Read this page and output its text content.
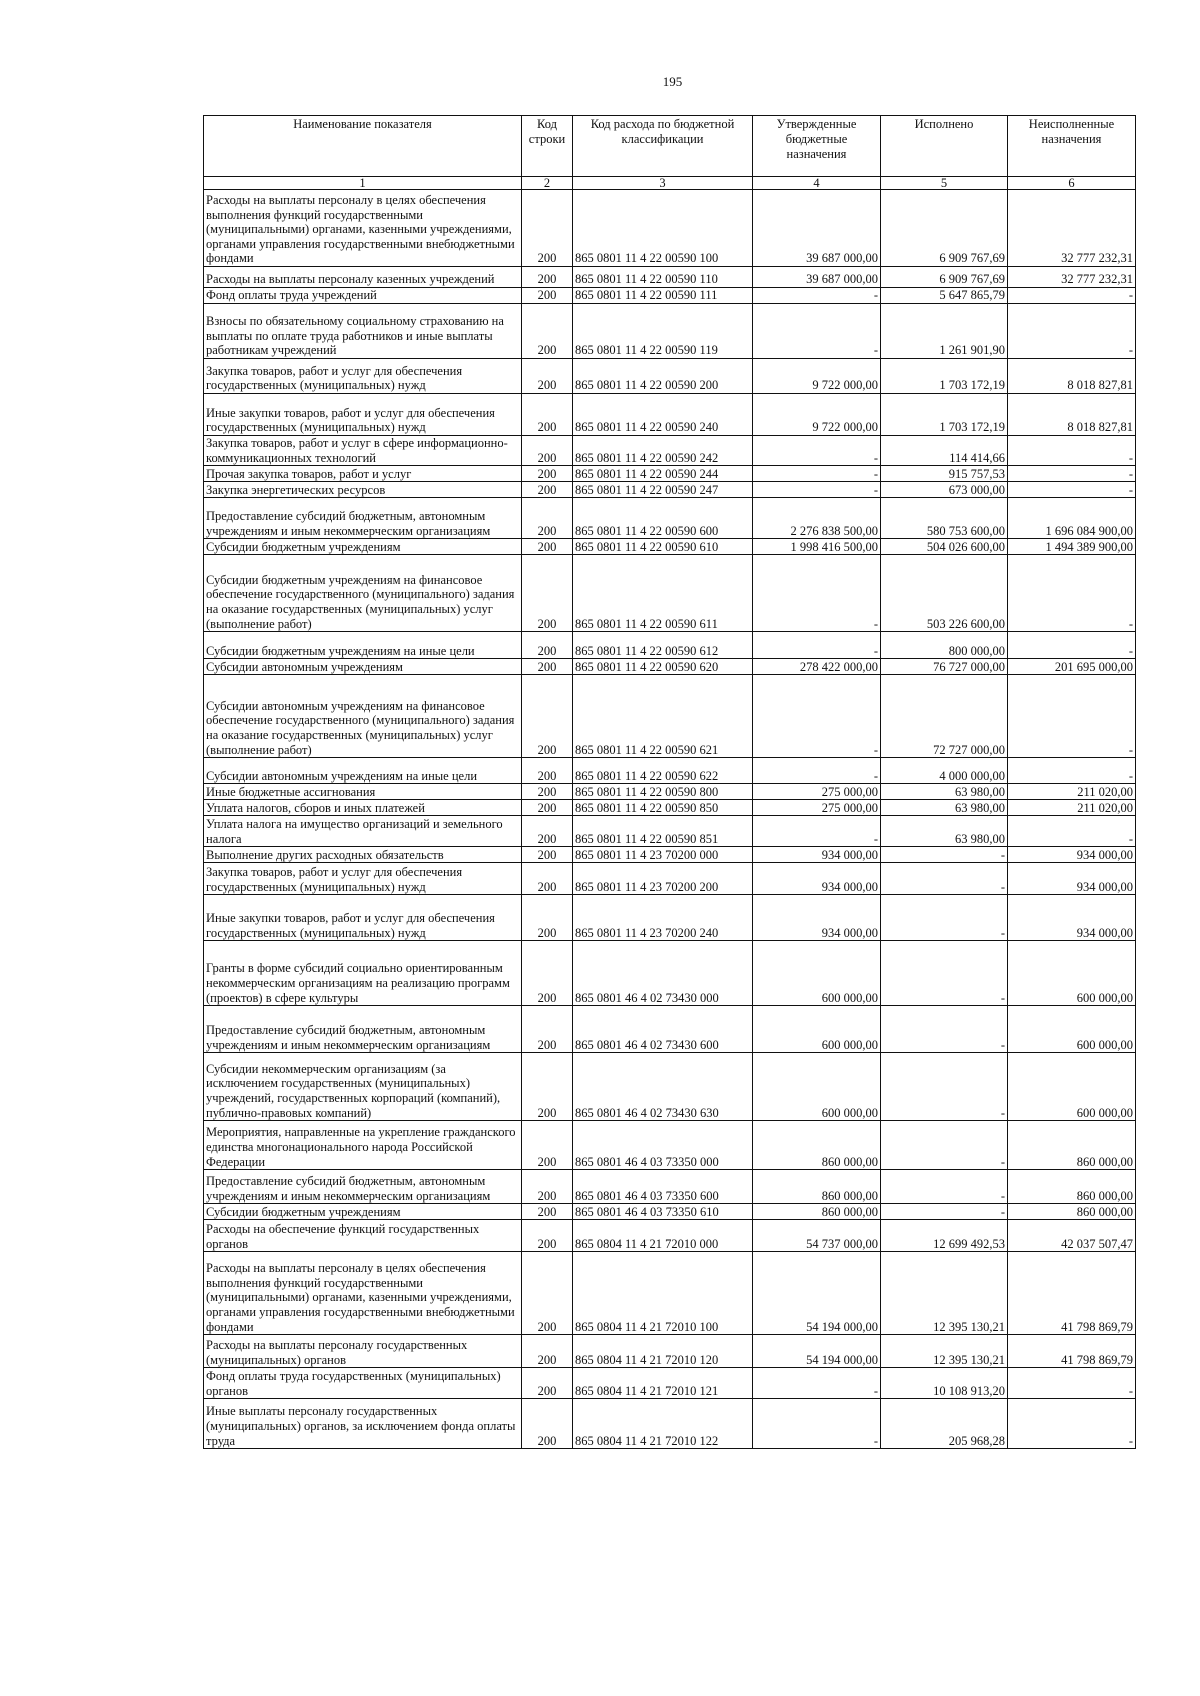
195
Наименование показателя	Код строки	Код расхода по бюджетной классификации	Утвержденные бюджетные назначения	Исполнено	Неисполненные назначения
1	2	3	4	5	6
Расходы на выплаты персоналу в целях обеспечения выполнения функций государственными (муниципальными) органами, казенными учреждениями, органами управления государственными внебюджетными фондами	200	865 0801 11 4 22 00590 100	39 687 000,00	6 909 767,69	32 777 232,31
Расходы на выплаты персоналу казенных учреждений	200	865 0801 11 4 22 00590 110	39 687 000,00	6 909 767,69	32 777 232,31
Фонд оплаты труда учреждений	200	865 0801 11 4 22 00590 111	-	5 647 865,79	-
Взносы по обязательному социальному страхованию на выплаты по оплате труда работников и иные выплаты работникам учреждений	200	865 0801 11 4 22 00590 119	-	1 261 901,90	-
Закупка товаров, работ и услуг для обеспечения государственных (муниципальных) нужд	200	865 0801 11 4 22 00590 200	9 722 000,00	1 703 172,19	8 018 827,81
Иные закупки товаров, работ и услуг для обеспечения государственных (муниципальных) нужд	200	865 0801 11 4 22 00590 240	9 722 000,00	1 703 172,19	8 018 827,81
Закупка товаров, работ и услуг в сфере информационно-коммуникационных технологий	200	865 0801 11 4 22 00590 242	-	114 414,66	-
Прочая закупка товаров, работ и услуг	200	865 0801 11 4 22 00590 244	-	915 757,53	-
Закупка энергетических ресурсов	200	865 0801 11 4 22 00590 247	-	673 000,00	-
Предоставление субсидий бюджетным, автономным учреждениям и иным некоммерческим организациям	200	865 0801 11 4 22 00590 600	2 276 838 500,00	580 753 600,00	1 696 084 900,00
Субсидии бюджетным учреждениям	200	865 0801 11 4 22 00590 610	1 998 416 500,00	504 026 600,00	1 494 389 900,00
Субсидии бюджетным учреждениям на финансовое обеспечение государственного (муниципального) задания на оказание государственных (муниципальных) услуг (выполнение работ)	200	865 0801 11 4 22 00590 611	-	503 226 600,00	-
Субсидии бюджетным учреждениям на иные цели	200	865 0801 11 4 22 00590 612	-	800 000,00	-
Субсидии автономным учреждениям	200	865 0801 11 4 22 00590 620	278 422 000,00	76 727 000,00	201 695 000,00
Субсидии автономным учреждениям на финансовое обеспечение государственного (муниципального) задания на оказание государственных (муниципальных) услуг (выполнение работ)	200	865 0801 11 4 22 00590 621	-	72 727 000,00	-
Субсидии автономным учреждениям на иные цели	200	865 0801 11 4 22 00590 622	-	4 000 000,00	-
Иные бюджетные ассигнования	200	865 0801 11 4 22 00590 800	275 000,00	63 980,00	211 020,00
Уплата налогов, сборов и иных платежей	200	865 0801 11 4 22 00590 850	275 000,00	63 980,00	211 020,00
Уплата налога на имущество организаций и земельного налога	200	865 0801 11 4 22 00590 851	-	63 980,00	-
Выполнение других расходных обязательств	200	865 0801 11 4 23 70200 000	934 000,00	-	934 000,00
Закупка товаров, работ и услуг для обеспечения государственных (муниципальных) нужд	200	865 0801 11 4 23 70200 200	934 000,00	-	934 000,00
Иные закупки товаров, работ и услуг для обеспечения государственных (муниципальных) нужд	200	865 0801 11 4 23 70200 240	934 000,00	-	934 000,00
Гранты в форме субсидий социально ориентированным некоммерческим организациям на реализацию программ (проектов) в сфере культуры	200	865 0801 46 4 02 73430 000	600 000,00	-	600 000,00
Предоставление субсидий бюджетным, автономным учреждениям и иным некоммерческим организациям	200	865 0801 46 4 02 73430 600	600 000,00	-	600 000,00
Субсидии некоммерческим организациям (за исключением государственных (муниципальных) учреждений, государственных корпораций (компаний), публично-правовых компаний)	200	865 0801 46 4 02 73430 630	600 000,00	-	600 000,00
Мероприятия, направленные на укрепление гражданского единства многонационального народа Российской Федерации	200	865 0801 46 4 03 73350 000	860 000,00	-	860 000,00
Предоставление субсидий бюджетным, автономным учреждениям и иным некоммерческим организациям	200	865 0801 46 4 03 73350 600	860 000,00	-	860 000,00
Субсидии бюджетным учреждениям	200	865 0801 46 4 03 73350 610	860 000,00	-	860 000,00
Расходы на обеспечение функций государственных органов	200	865 0804 11 4 21 72010 000	54 737 000,00	12 699 492,53	42 037 507,47
Расходы на выплаты персоналу в целях обеспечения выполнения функций государственными (муниципальными) органами, казенными учреждениями, органами управления государственными внебюджетными фондами	200	865 0804 11 4 21 72010 100	54 194 000,00	12 395 130,21	41 798 869,79
Расходы на выплаты персоналу государственных (муниципальных) органов	200	865 0804 11 4 21 72010 120	54 194 000,00	12 395 130,21	41 798 869,79
Фонд оплаты труда государственных (муниципальных) органов	200	865 0804 11 4 21 72010 121	-	10 108 913,20	-
Иные выплаты персоналу государственных (муниципальных) органов, за исключением фонда оплаты труда	200	865 0804 11 4 21 72010 122	-	205 968,28	-
